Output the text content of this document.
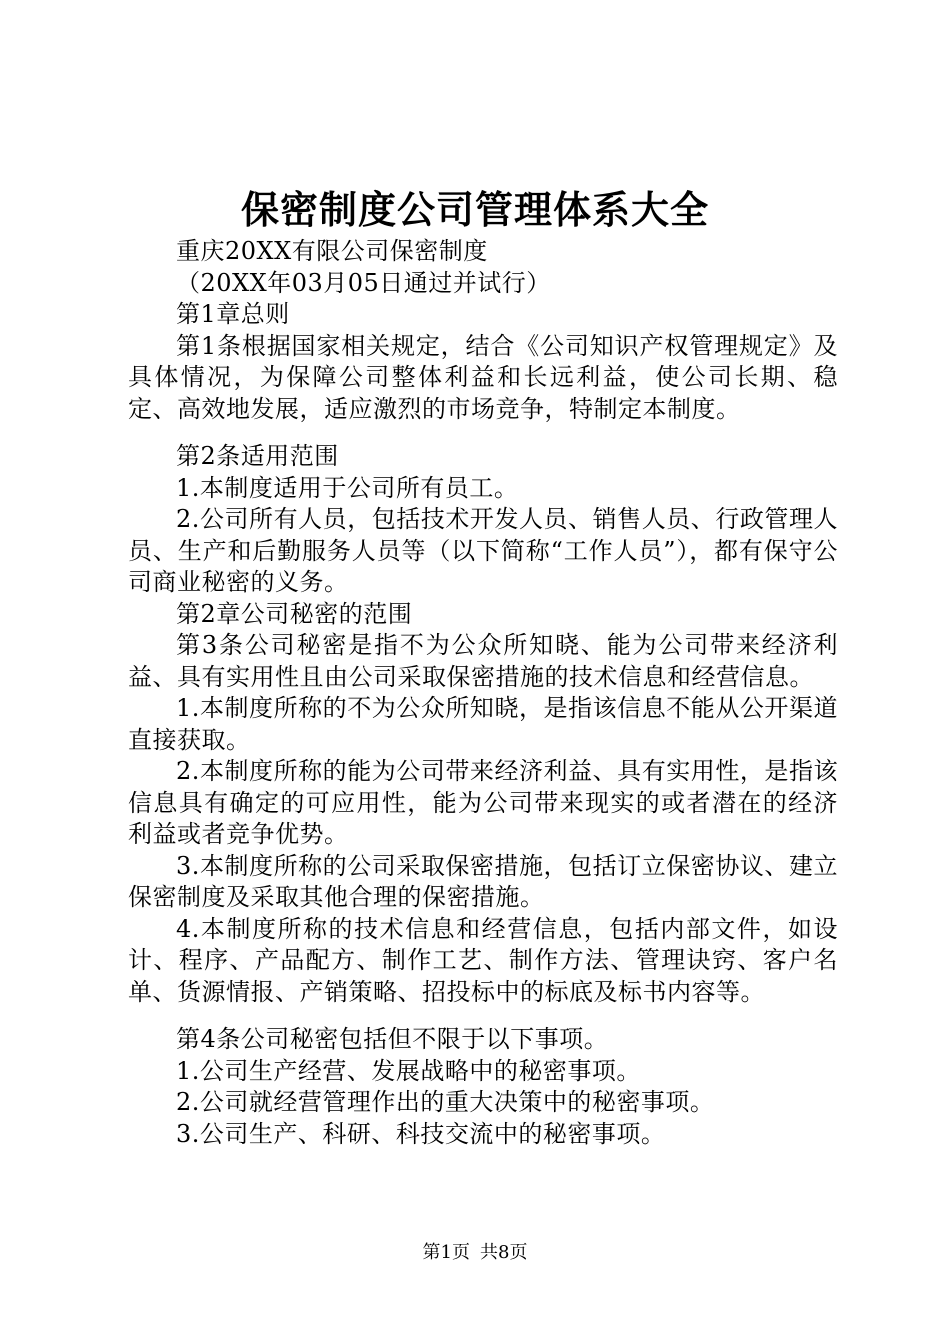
保密制度公司管理体系大全

重庆20XX有限公司保密制度

（20XX年03月05日通过并试行）

第1章总则

第1条根据国家相关规定，结合《公司知识产权管理规定》及具体情况，为保障公司整体利益和长远利益，使公司长期、稳定、高效地发展，适应激烈的市场竞争，特制定本制度。

第2条适用范围

1.本制度适用于公司所有员工。

2.公司所有人员，包括技术开发人员、销售人员、行政管理人员、生产和后勤服务人员等（以下简称“工作人员”），都有保守公司商业秘密的义务。

第2章公司秘密的范围

第3条公司秘密是指不为公众所知晓、能为公司带来经济利益、具有实用性且由公司采取保密措施的技术信息和经营信息。

1.本制度所称的不为公众所知晓，是指该信息不能从公开渠道直接获取。

2.本制度所称的能为公司带来经济利益、具有实用性，是指该信息具有确定的可应用性，能为公司带来现实的或者潜在的经济利益或者竞争优势。

3.本制度所称的公司采取保密措施，包括订立保密协议、建立保密制度及采取其他合理的保密措施。

4.本制度所称的技术信息和经营信息，包括内部文件，如设计、程序、产品配方、制作工艺、制作方法、管理诀窍、客户名单、货源情报、产销策略、招投标中的标底及标书内容等。

第4条公司秘密包括但不限于以下事项。

1.公司生产经营、发展战略中的秘密事项。

2.公司就经营管理作出的重大决策中的秘密事项。

3.公司生产、科研、科技交流中的秘密事项。

第1页 共8页
